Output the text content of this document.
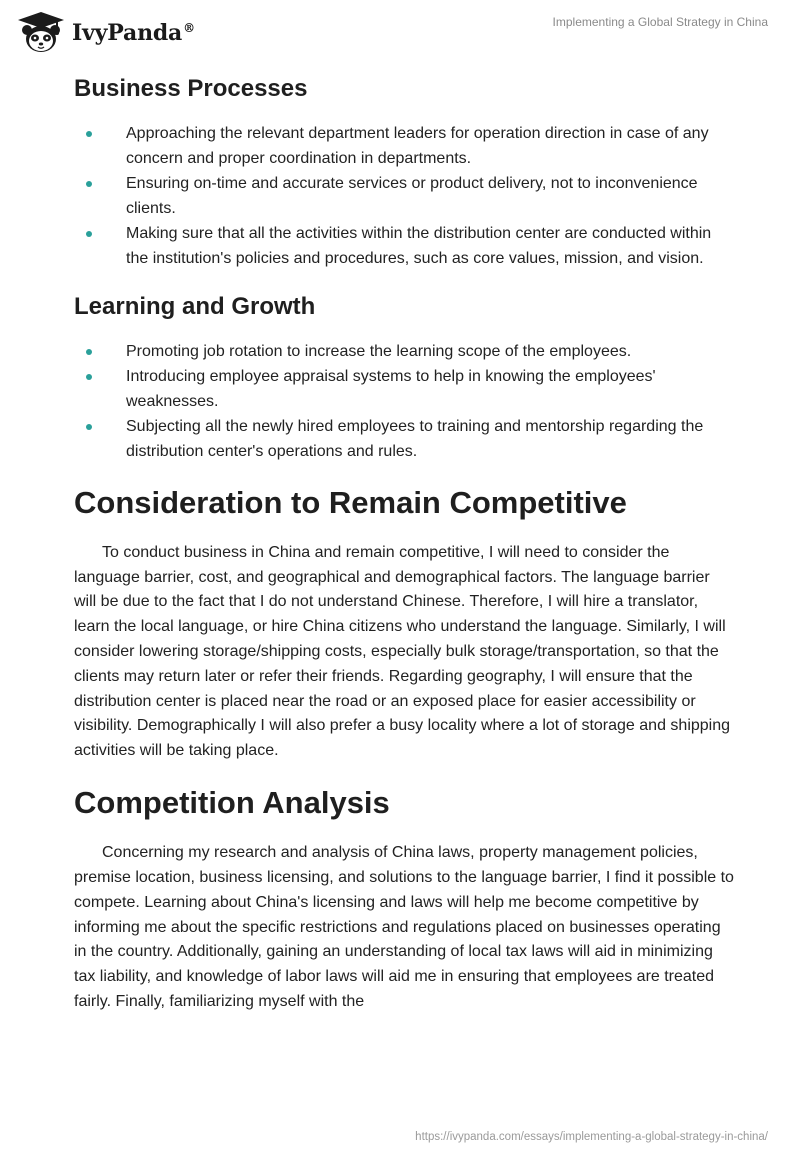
IvyPanda®	Implementing a Global Strategy in China
Business Processes
Approaching the relevant department leaders for operation direction in case of any concern and proper coordination in departments.
Ensuring on-time and accurate services or product delivery, not to inconvenience clients.
Making sure that all the activities within the distribution center are conducted within the institution's policies and procedures, such as core values, mission, and vision.
Learning and Growth
Promoting job rotation to increase the learning scope of the employees.
Introducing employee appraisal systems to help in knowing the employees' weaknesses.
Subjecting all the newly hired employees to training and mentorship regarding the distribution center's operations and rules.
Consideration to Remain Competitive

To conduct business in China and remain competitive, I will need to consider the language barrier, cost, and geographical and demographical factors. The language barrier will be due to the fact that I do not understand Chinese. Therefore, I will hire a translator, learn the local language, or hire China citizens who understand the language. Similarly, I will consider lowering storage/shipping costs, especially bulk storage/transportation, so that the clients may return later or refer their friends. Regarding geography, I will ensure that the distribution center is placed near the road or an exposed place for easier accessibility or visibility. Demographically I will also prefer a busy locality where a lot of storage and shipping activities will be taking place.

Competition Analysis

Concerning my research and analysis of China laws, property management policies, premise location, business licensing, and solutions to the language barrier, I find it possible to compete. Learning about China's licensing and laws will help me become competitive by informing me about the specific restrictions and regulations placed on businesses operating in the country. Additionally, gaining an understanding of local tax laws will aid in minimizing tax liability, and knowledge of labor laws will aid me in ensuring that employees are treated fairly. Finally, familiarizing myself with the

https://ivypanda.com/essays/implementing-a-global-strategy-in-china/
